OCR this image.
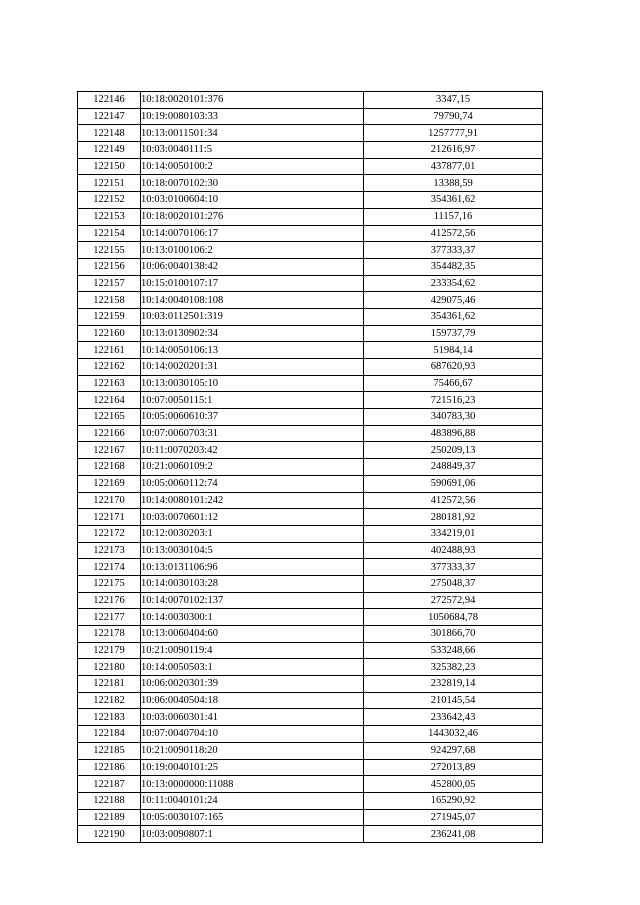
122146	10:18:0020101:376	3347,15
122147	10:19:0080103:33	79790,74
122148	10:13:0011501:34	1257777,91
122149	10:03:0040111:5	212616,97
122150	10:14:0050100:2	437877,01
122151	10:18:0070102:30	13388,59
122152	10:03:0100604:10	354361,62
122153	10:18:0020101:276	11157,16
122154	10:14:0070106:17	412572,56
122155	10:13:0100106:2	377333,37
122156	10:06:0040138:42	354482,35
122157	10:15:0100107:17	233354,62
122158	10:14:0040108:108	429075,46
122159	10:03:0112501:319	354361,62
122160	10:13:0130902:34	159737,79
122161	10:14:0050106:13	51984,14
122162	10:14:0020201:31	687620,93
122163	10:13:0030105:10	75466,67
122164	10:07:0050115:1	721516,23
122165	10:05:0060610:37	340783,30
122166	10:07:0060703:31	483896,88
122167	10:11:0070203:42	250209,13
122168	10:21:0060109:2	248849,37
122169	10:05:0060112:74	590691,06
122170	10:14:0080101:242	412572,56
122171	10:03:0070601:12	280181,92
122172	10:12:0030203:1	334219,01
122173	10:13:0030104:5	402488,93
122174	10:13:0131106:96	377333,37
122175	10:14:0030103:28	275048,37
122176	10:14:0070102:137	272572,94
122177	10:14:0030300:1	1050684,78
122178	10:13:0060404:60	301866,70
122179	10:21:0090119:4	533248,66
122180	10:14:0050503:1	325382,23
122181	10:06:0020301:39	232819,14
122182	10:06:0040504:18	210145,54
122183	10:03:0060301:41	233642,43
122184	10:07:0040704:10	1443032,46
122185	10:21:0090118:20	924297,68
122186	10:19:0040101:25	272013,89
122187	10:13:0000000:11088	452800,05
122188	10:11:0040101:24	165290,92
122189	10:05:0030107:165	271945,07
122190	10:03:0090807:1	236241,08
